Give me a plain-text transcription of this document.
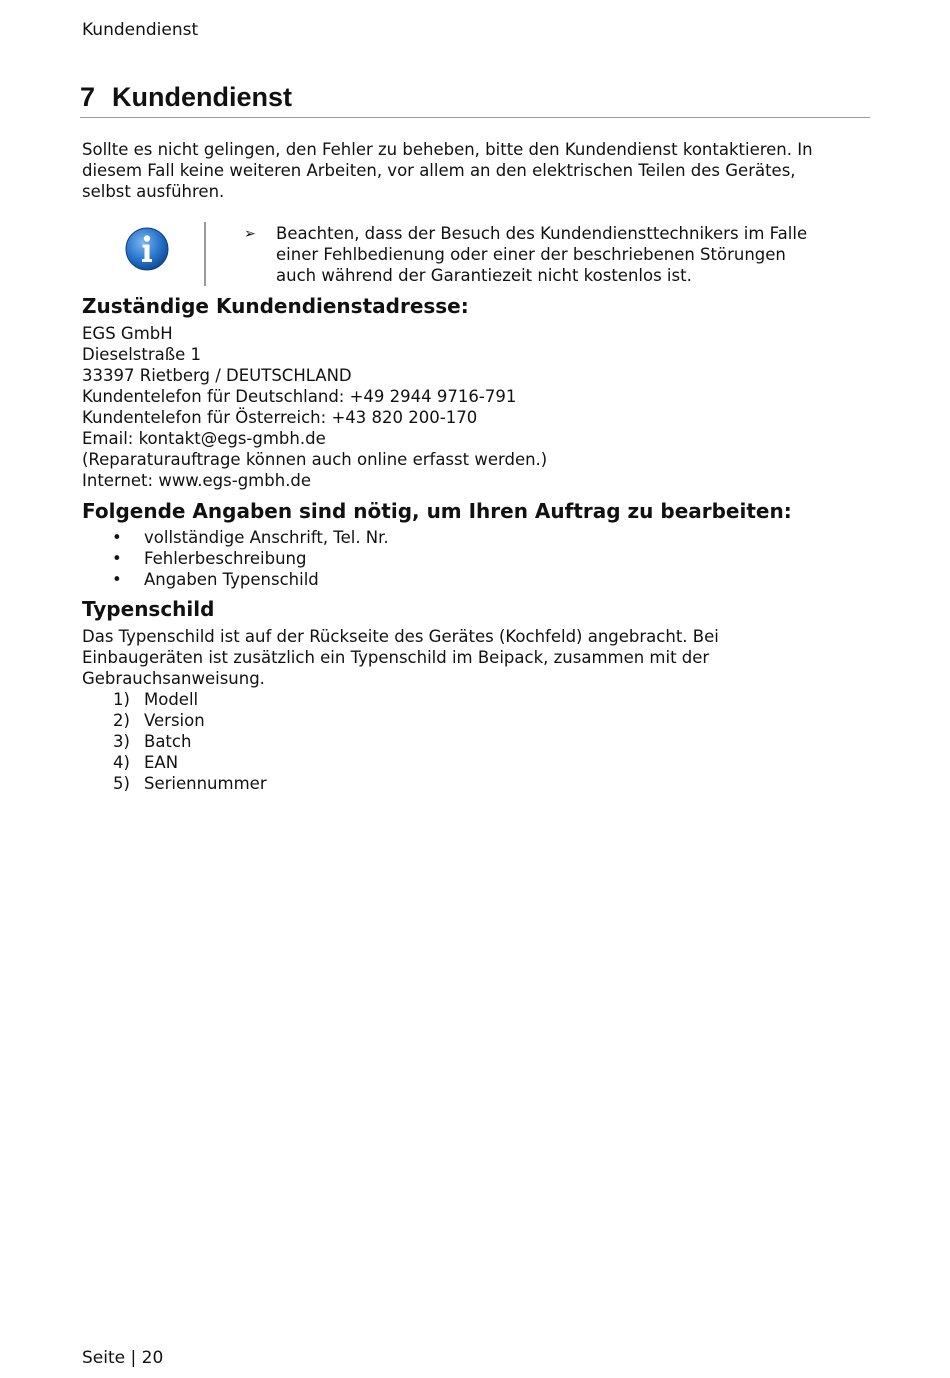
Kundendienst
7 Kundendienst
Sollte es nicht gelingen, den Fehler zu beheben, bitte den Kundendienst kontaktieren. In
diesem Fall keine weiteren Arbeiten, vor allem an den elektrischen Teilen des Gerätes,
selbst ausführen.
➢ Beachten, dass der Besuch des Kundendiensttechnikers im Falle
einer Fehlbedienung oder einer der beschriebenen Störungen
auch während der Garantiezeit nicht kostenlos ist.
Zuständige Kundendienstadresse:
EGS GmbH
Dieselstraße 1
33397 Rietberg / DEUTSCHLAND
Kundentelefon für Deutschland: +49 2944 9716-791
Kundentelefon für Österreich: +43 820 200-170
Email: kontakt@egs-gmbh.de
(Reparaturauftrage können auch online erfasst werden.)
Internet: www.egs-gmbh.de
Folgende Angaben sind nötig, um Ihren Auftrag zu bearbeiten:
• vollständige Anschrift, Tel. Nr.
• Fehlerbeschreibung
• Angaben Typenschild
Typenschild
Das Typenschild ist auf der Rückseite des Gerätes (Kochfeld) angebracht. Bei
Einbaugeräten ist zusätzlich ein Typenschild im Beipack, zusammen mit der
Gebrauchsanweisung.
1) Modell
2) Version
3) Batch
4) EAN
5) Seriennummer
Seite | 20
